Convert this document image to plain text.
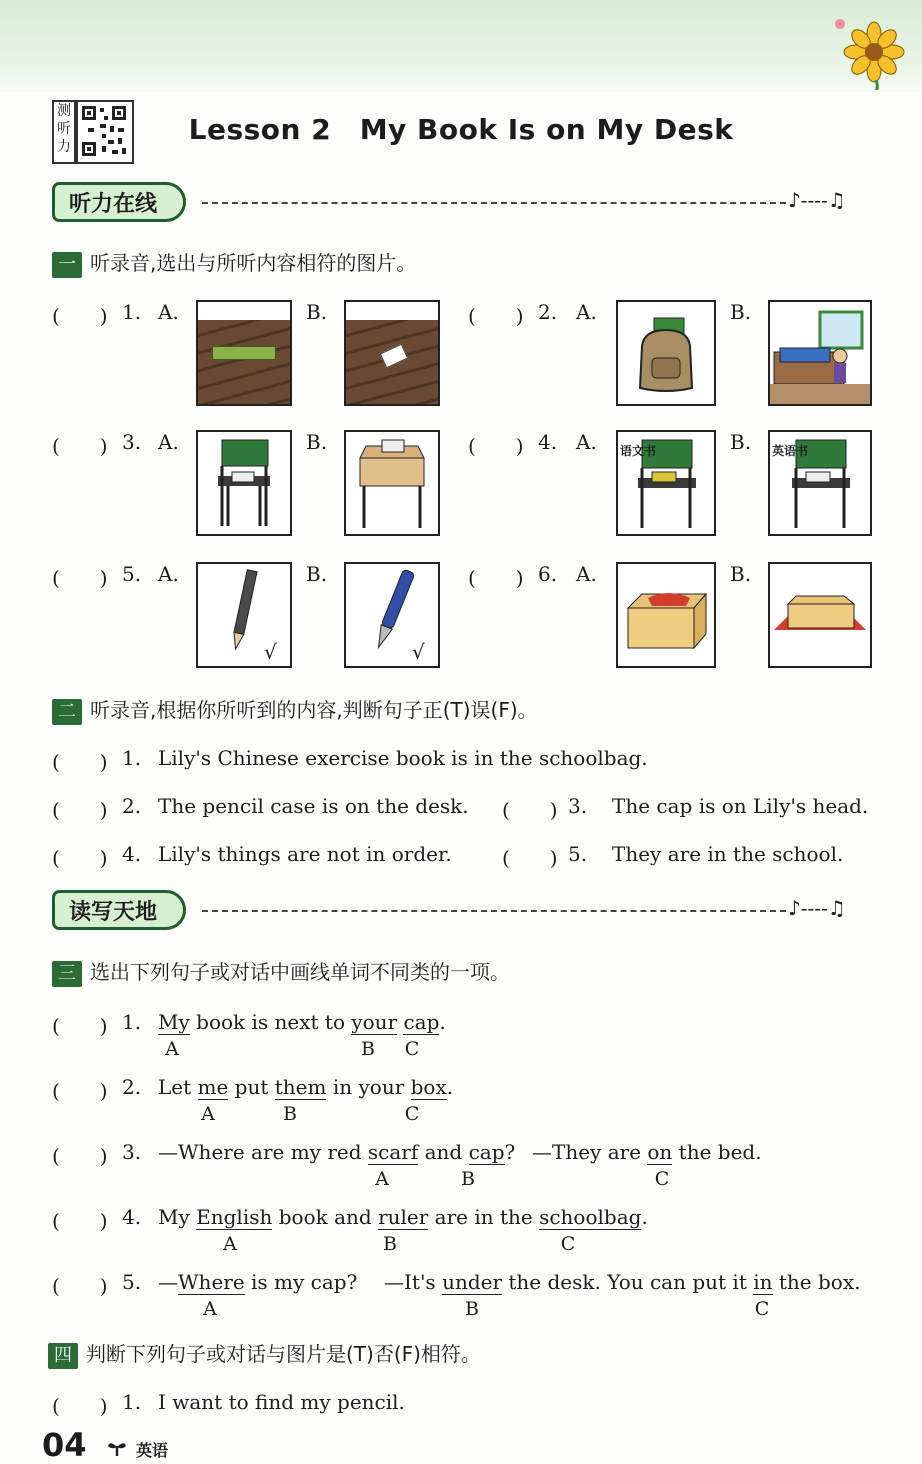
测听力
Lesson 2　My Book Is on My Desk
听力在线	♪----♫
一 听录音,选出与所听内容相符的图片。
(　　) 1. A.	B.	(　　) 2. A.	B.
(　　) 3. A.	B.	(　　) 4. A. 语文书	B. 英语书
(　　) 5. A.
√
B.
√
(　　) 6. A.	B.
二 听录音,根据你所听到的内容,判断句子正(T)误(F)。
(　　) 1. Lily's Chinese exercise book is in the schoolbag.
(　　) 2. The pencil case is on the desk. (　　) 3. The cap is on Lily's head.
(　　) 4. Lily's things are not in order.	(　　) 5. They are in the school.
读写天地	♪----♫
三 选出下列句子或对话中画线单词不同类的一项。
(　　) 1. My book is next to your cap.
A	B C
(　　) 2. Let me put them in your box.
A	B	C
(　　) 3. —Where are my red scarf and cap? —They are on the bed.
A	B	C
(　　) 4. My English book and ruler are in the schoolbag.
A	B	C
(　　) 5. —Where is my cap? —It's under the desk. You can put it in the box.
A	B	C
四 判断下列句子或对话与图片是(T)否(F)相符。
(　　) 1. I want to find my pencil.
04	英语
